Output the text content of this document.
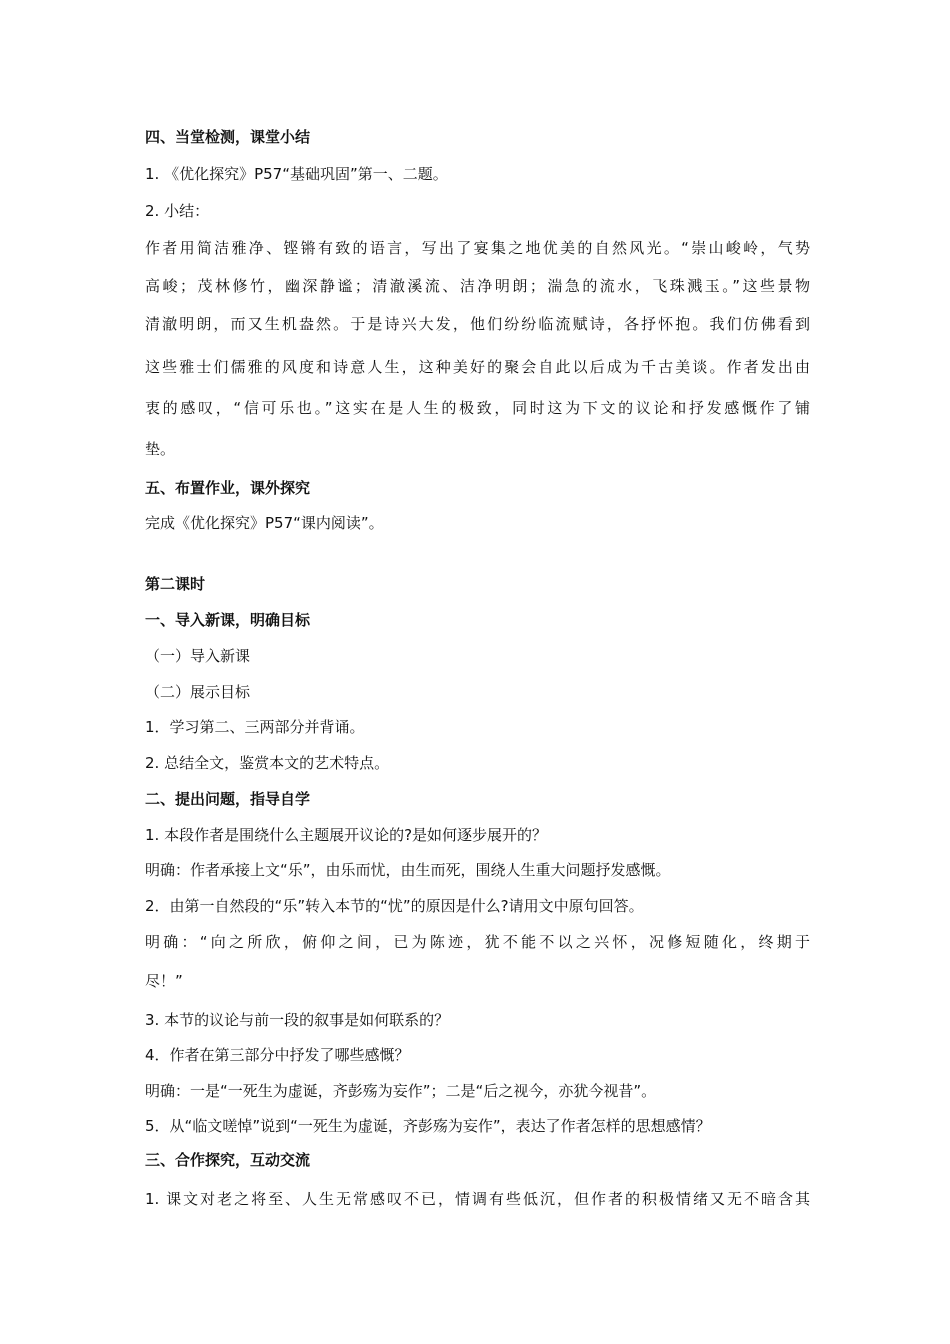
四、当堂检测，课堂小结
1. 《优化探究》P57“基础巩固”第一、二题。
2. 小结：
作者用简洁雅净、铿锵有致的语言，写出了宴集之地优美的自然风光。“崇山峻岭，气势
高峻；茂林修竹，幽深静谧；清澈溪流、洁净明朗；湍急的流水，飞珠溅玉。”这些景物
清澈明朗，而又生机盎然。于是诗兴大发，他们纷纷临流赋诗，各抒怀抱。我们仿佛看到
这些雅士们儒雅的风度和诗意人生，这种美好的聚会自此以后成为千古美谈。作者发出由
衷的感叹，“信可乐也。”这实在是人生的极致，同时这为下文的议论和抒发感慨作了铺
垫。
五、布置作业，课外探究
完成《优化探究》P57“课内阅读”。
第二课时
一、导入新课，明确目标
（一）导入新课
（二）展示目标
1．学习第二、三两部分并背诵。
2. 总结全文，鉴赏本文的艺术特点。
二、提出问题，指导自学
1. 本段作者是围绕什么主题展开议论的?是如何逐步展开的？
明确：作者承接上文“乐”，由乐而忧，由生而死，围绕人生重大问题抒发感慨。
2．由第一自然段的“乐”转入本节的“忧”的原因是什么?请用文中原句回答。
明确：“向之所欣，俯仰之间，已为陈迹，犹不能不以之兴怀，况修短随化，终期于
尽！”
3. 本节的议论与前一段的叙事是如何联系的？
4．作者在第三部分中抒发了哪些感慨？
明确：一是“一死生为虚诞，齐彭殇为妄作”；二是“后之视今，亦犹今视昔”。
5．从“临文嗟悼”说到“一死生为虚诞，齐彭殇为妄作”，表达了作者怎样的思想感情？
三、合作探究，互动交流
1. 课文对老之将至、人生无常感叹不已，情调有些低沉，但作者的积极情绪又无不暗含其
